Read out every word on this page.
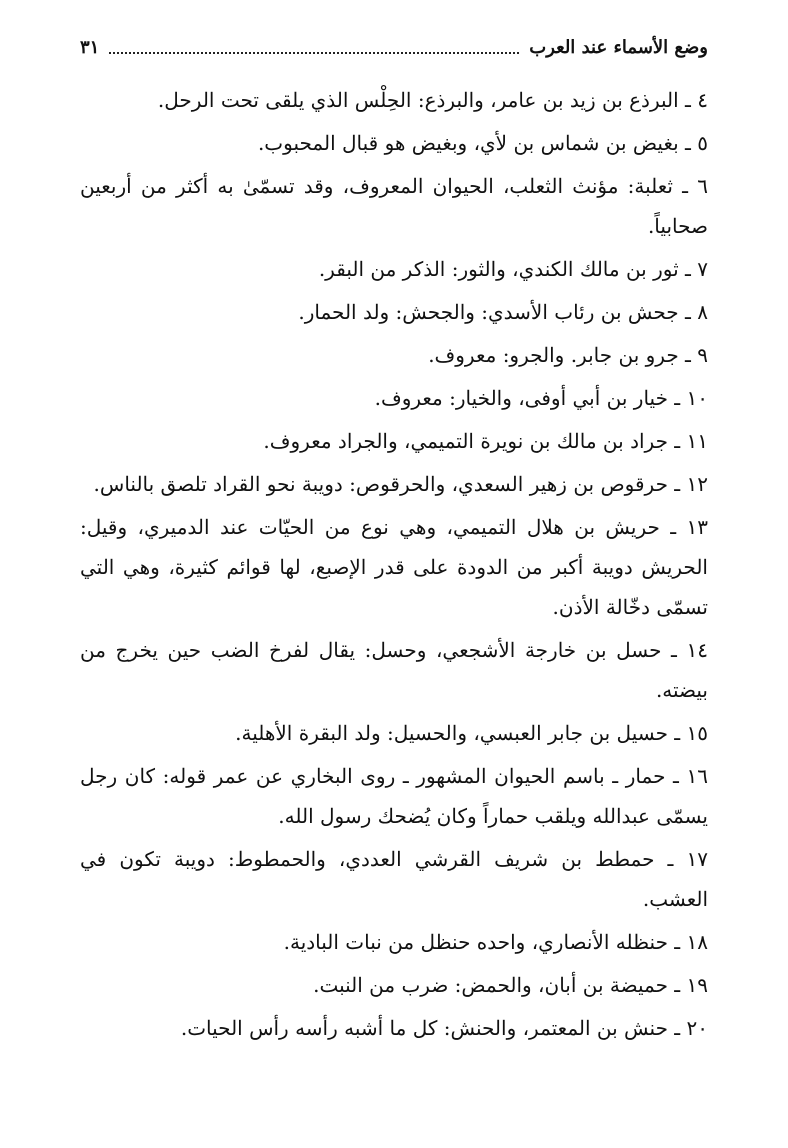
وضع الأسماء عند العرب
٣١

٤ ـ البرذع بن زيد بن عامر، والبرذع: الحِلْس الذي يلقى تحت الرحل.

٥ ـ بغيض بن شماس بن لأي، وبغيض هو قبال المحبوب.

٦ ـ ثعلبة: مؤنث الثعلب، الحيوان المعروف، وقد تسمّىٰ به أكثر من أربعين صحابياً.

٧ ـ ثور بن مالك الكندي، والثور: الذكر من البقر.

٨ ـ جحش بن رئاب الأسدي: والجحش: ولد الحمار.

٩ ـ جرو بن جابر. والجرو: معروف.

١٠ ـ خيار بن أبي أوفى، والخيار: معروف.

١١ ـ جراد بن مالك بن نويرة التميمي، والجراد معروف.

١٢ ـ حرقوص بن زهير السعدي، والحرقوص: دويبة نحو القراد تلصق بالناس.

١٣ ـ حريش بن هلال التميمي، وهي نوع من الحيّات عند الدميري، وقيل: الحريش دويبة أكبر من الدودة على قدر الإصبع، لها قوائم كثيرة، وهي التي تسمّى دخّالة الأذن.

١٤ ـ حسل بن خارجة الأشجعي، وحسل: يقال لفرخ الضب حين يخرج من بيضته.

١٥ ـ حسيل بن جابر العبسي، والحسيل: ولد البقرة الأهلية.

١٦ ـ حمار ـ باسم الحيوان المشهور ـ روى البخاري عن عمر قوله: كان رجل يسمّى عبدالله ويلقب حماراً وكان يُضحك رسول الله.

١٧ ـ حمطط بن شريف القرشي العددي، والحمطوط: دويبة تكون في العشب.

١٨ ـ حنظله الأنصاري، واحده حنظل من نبات البادية.

١٩ ـ حميضة بن أبان، والحمض: ضرب من النبت.

٢٠ ـ حنش بن المعتمر، والحنش: كل ما أشبه رأسه رأس الحيات.
